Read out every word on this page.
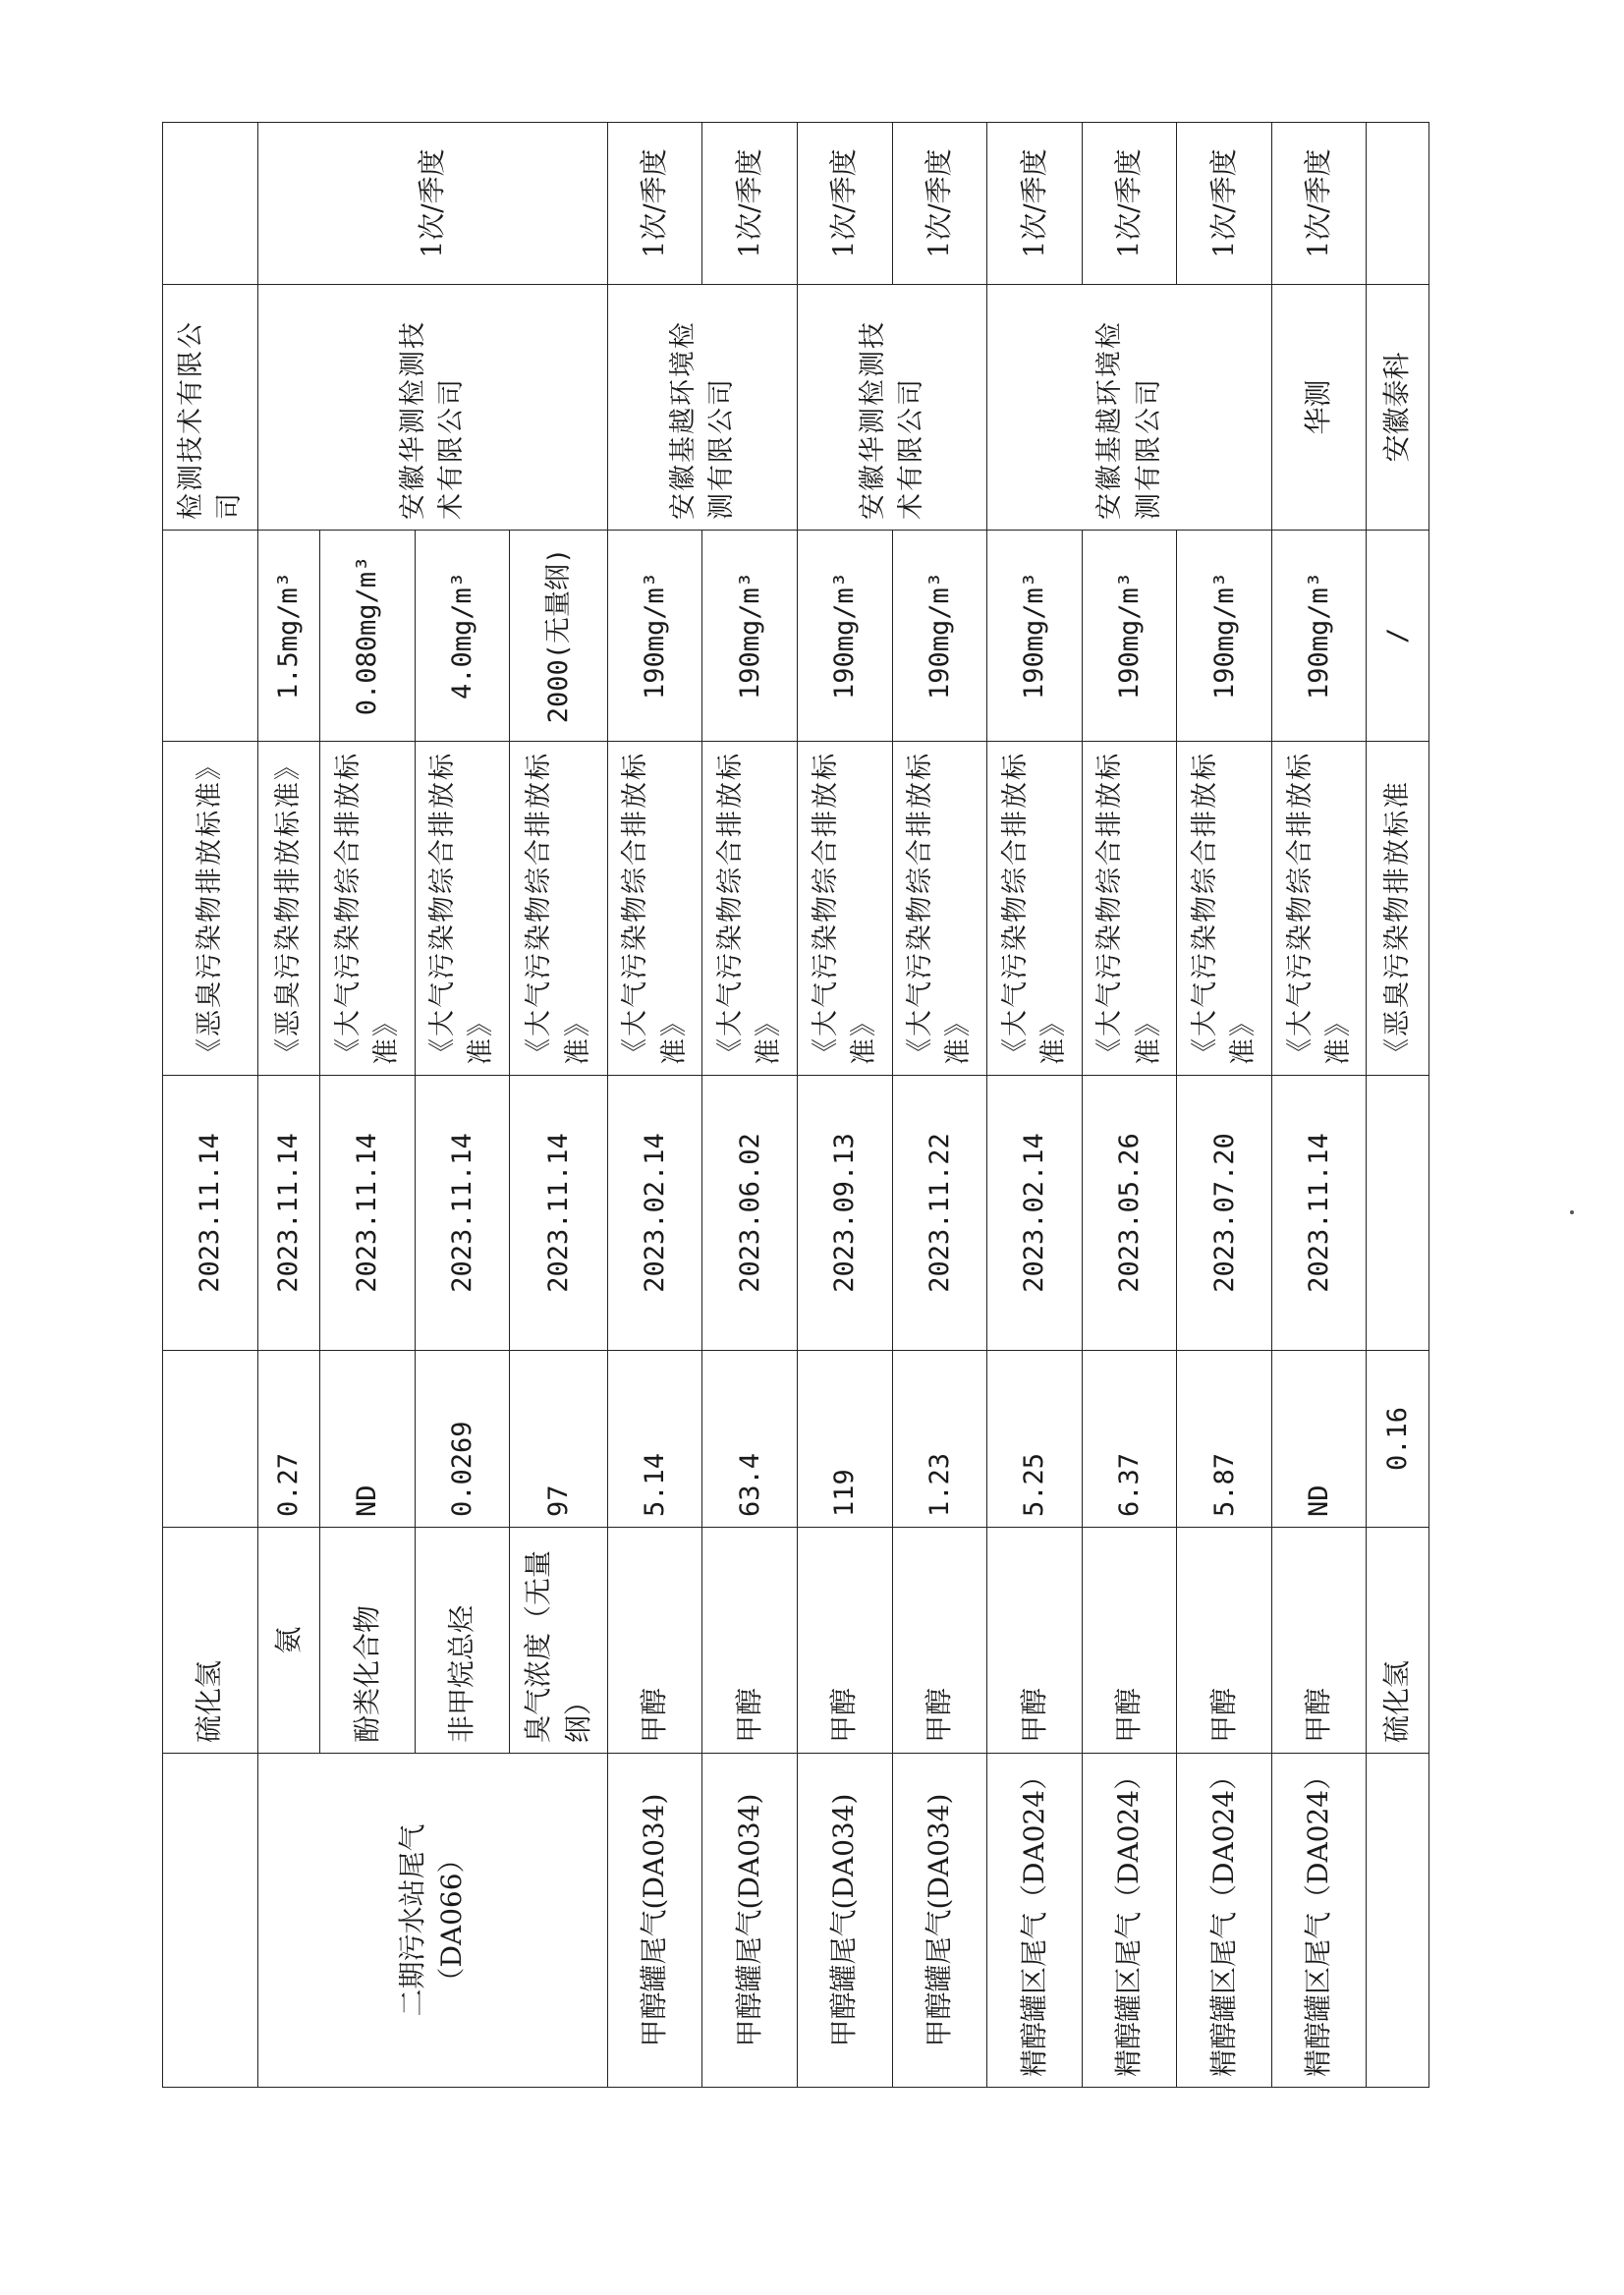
	硫化氢		2023.11.14	《恶臭污染物排放标准》		检测技术有限公司	
二期污水站尾气（DA066）	氨	0.27	2023.11.14	《恶臭污染物排放标准》	1.5mg/m³	安徽华测检测技术有限公司	1次/季度
	酚类化合物	ND	2023.11.14	《大气污染物综合排放标准》	0.080mg/m³		
	非甲烷总烃	0.0269	2023.11.14	《大气污染物综合排放标准》	4.0mg/m³		
	臭气浓度（无量纲）	97	2023.11.14	《大气污染物综合排放标准》	2000(无量纲)		
甲醇罐尾气(DA034)	甲醇	5.14	2023.02.14	《大气污染物综合排放标准》	190mg/m³	安徽基越环境检测有限公司	1次/季度
甲醇罐尾气(DA034)	甲醇	63.4	2023.06.02	《大气污染物综合排放标准》	190mg/m³		1次/季度
甲醇罐尾气(DA034)	甲醇	119	2023.09.13	《大气污染物综合排放标准》	190mg/m³	安徽华测检测技术有限公司	1次/季度
甲醇罐尾气(DA034)	甲醇	1.23	2023.11.22	《大气污染物综合排放标准》	190mg/m³		1次/季度
精醇罐区尾气（DA024）	甲醇	5.25	2023.02.14	《大气污染物综合排放标准》	190mg/m³	安徽基越环境检测有限公司	1次/季度
精醇罐区尾气（DA024）	甲醇	6.37	2023.05.26	《大气污染物综合排放标准》	190mg/m³		1次/季度
精醇罐区尾气（DA024）	甲醇	5.87	2023.07.20	《大气污染物综合排放标准》	190mg/m³		1次/季度
精醇罐区尾气（DA024）	甲醇	ND	2023.11.14	《大气污染物综合排放标准》	190mg/m³	华测	1次/季度
	硫化氢	0.16		《恶臭污染物排放标准	/	安徽泰科	
